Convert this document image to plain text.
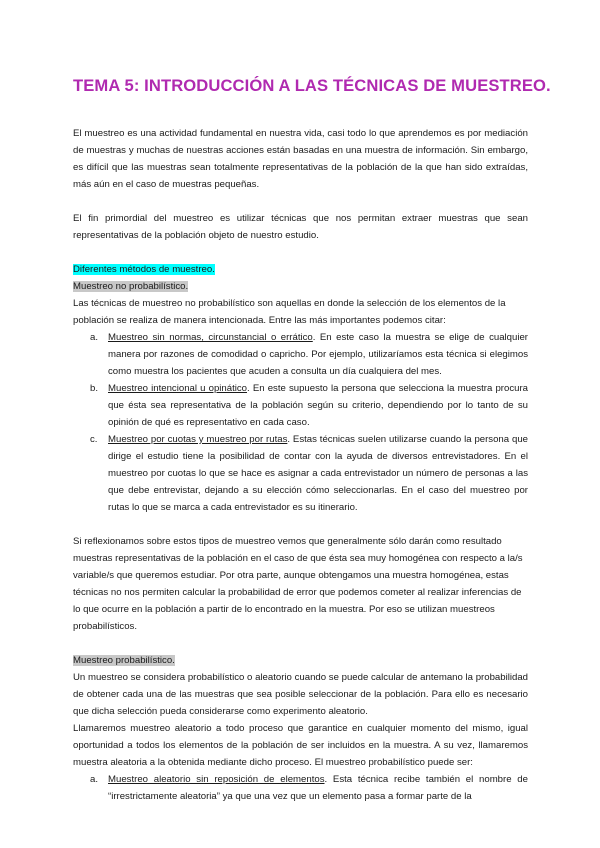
TEMA 5: INTRODUCCIÓN A LAS TÉCNICAS DE MUESTREO.

El muestreo es una actividad fundamental en nuestra vida, casi todo lo que aprendemos es por mediación de muestras y muchas de nuestras acciones están basadas en una muestra de información. Sin embargo, es difícil que las muestras sean totalmente representativas de la población de la que han sido extraídas, más aún en el caso de muestras pequeñas.

El fin primordial del muestreo es utilizar técnicas que nos permitan extraer muestras que sean representativas de la población objeto de nuestro estudio.

Diferentes métodos de muestreo.
Muestreo no probabilístico.

Las técnicas de muestreo no probabilístico son aquellas en donde la selección de los elementos de la población se realiza de manera intencionada. Entre las más importantes podemos citar:

a. Muestreo sin normas, circunstancial o errático. En este caso la muestra se elige de cualquier manera por razones de comodidad o capricho. Por ejemplo, utilizaríamos esta técnica si elegimos como muestra los pacientes que acuden a consulta un día cualquiera del mes.
b. Muestreo intencional u opinático. En este supuesto la persona que selecciona la muestra procura que ésta sea representativa de la población según su criterio, dependiendo por lo tanto de su opinión de qué es representativo en cada caso.
c. Muestreo por cuotas y muestreo por rutas. Estas técnicas suelen utilizarse cuando la persona que dirige el estudio tiene la posibilidad de contar con la ayuda de diversos entrevistadores. En el muestreo por cuotas lo que se hace es asignar a cada entrevistador un número de personas a las que debe entrevistar, dejando a su elección cómo seleccionarlas. En el caso del muestreo por rutas lo que se marca a cada entrevistador es su itinerario.

Si reflexionamos sobre estos tipos de muestreo vemos que generalmente sólo darán como resultado muestras representativas de la población en el caso de que ésta sea muy homogénea con respecto a la/s variable/s que queremos estudiar. Por otra parte, aunque obtengamos una muestra homogénea, estas técnicas no nos permiten calcular la probabilidad de error que podemos cometer al realizar inferencias de lo que ocurre en la población a partir de lo encontrado en la muestra. Por eso se utilizan muestreos probabilísticos.

Muestreo probabilístico.

Un muestreo se considera probabilístico o aleatorio cuando se puede calcular de antemano la probabilidad de obtener cada una de las muestras que sea posible seleccionar de la población. Para ello es necesario que dicha selección pueda considerarse como experimento aleatorio.

Llamaremos muestreo aleatorio a todo proceso que garantice en cualquier momento del mismo, igual oportunidad a todos los elementos de la población de ser incluidos en la muestra. A su vez, llamaremos muestra aleatoria a la obtenida mediante dicho proceso. El muestreo probabilístico puede ser:

a. Muestreo aleatorio sin reposición de elementos. Esta técnica recibe también el nombre de “irrestrictamente aleatoria” ya que una vez que un elemento pasa a formar parte de la
